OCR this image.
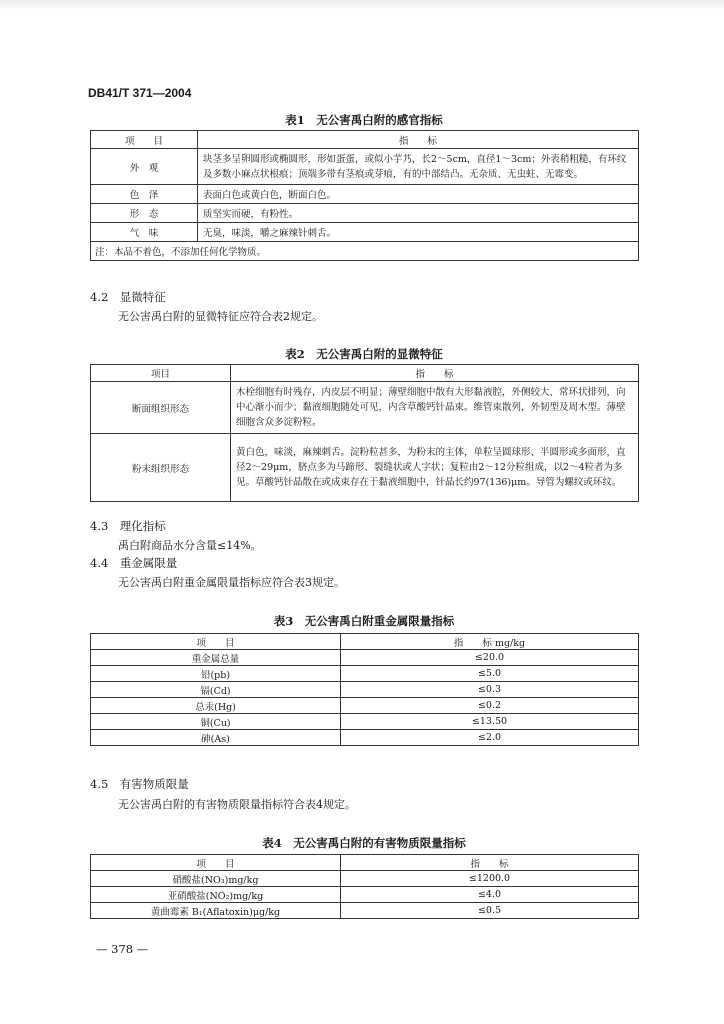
DB41/T 371—2004
表1　无公害禹白附的感官指标
项　　目	指　　标
外　观	块茎多呈卵圆形或椭圆形，形如蛋蛋，或似小芋艿，长2～5cm，直径1～3cm；外表稍粗糙，有环纹及多数小麻点状根痕；顶端多带有茎痕或芽痕，有的中部结凸。无杂质、无虫蛀、无霉变。
色　泽	表面白色或黄白色，断面白色。
形　态	质坚实而硬，有粉性。
气　味	无臭，味淡，嚼之麻辣针刺舌。
注：本品不着色，不添加任何化学物质。	
4.2　显微特征
无公害禹白附的显微特征应符合表2规定。
表2　无公害禹白附的显微特征
项目	指　　标
断面组织形态	木栓细胞有时残存，内皮层不明显；薄壁细胞中散有大形黏液腔，外侧较大，常环状排列，向中心渐小而少；黏液细胞随处可见，内含草酸钙针晶束。维管束散列，外韧型及周木型。薄壁细胞含众多淀粉粒。
粉末组织形态	黄白色，味淡，麻辣刺舌。淀粉粒甚多，为粉末的主体，单粒呈圆球形、半圆形或多面形，直径2～29μm，脐点多为马蹄形、裂缝状或人字状；复粒由2～12分粒组成，以2～4粒者为多见。草酸钙针晶散在或成束存在于黏液细胞中，针晶长约97(136)μm。导管为螺纹或环纹。
4.3　理化指标
禹白附商品水分含量≤14%。
4.4　重金属限量
无公害禹白附重金属限量指标应符合表3规定。
表3　无公害禹白附重金属限量指标
项　　目	指　　标 mg/kg
重金属总量	≤20.0
铅(pb)	≤5.0
镉(Cd)	≤0.3
总汞(Hg)	≤0.2
铜(Cu)	≤13.50
砷(As)	≤2.0
4.5　有害物质限量
无公害禹白附的有害物质限量指标符合表4规定。
表4　无公害禹白附的有害物质限量指标
项　　目	指　　标
硝酸盐(NO₃)mg/kg	≤1200.0
亚硝酸盐(NO₂)mg/kg	≤4.0
黄曲霉素 B₁(Aflatoxin)μg/kg	≤0.5
— 378 —
